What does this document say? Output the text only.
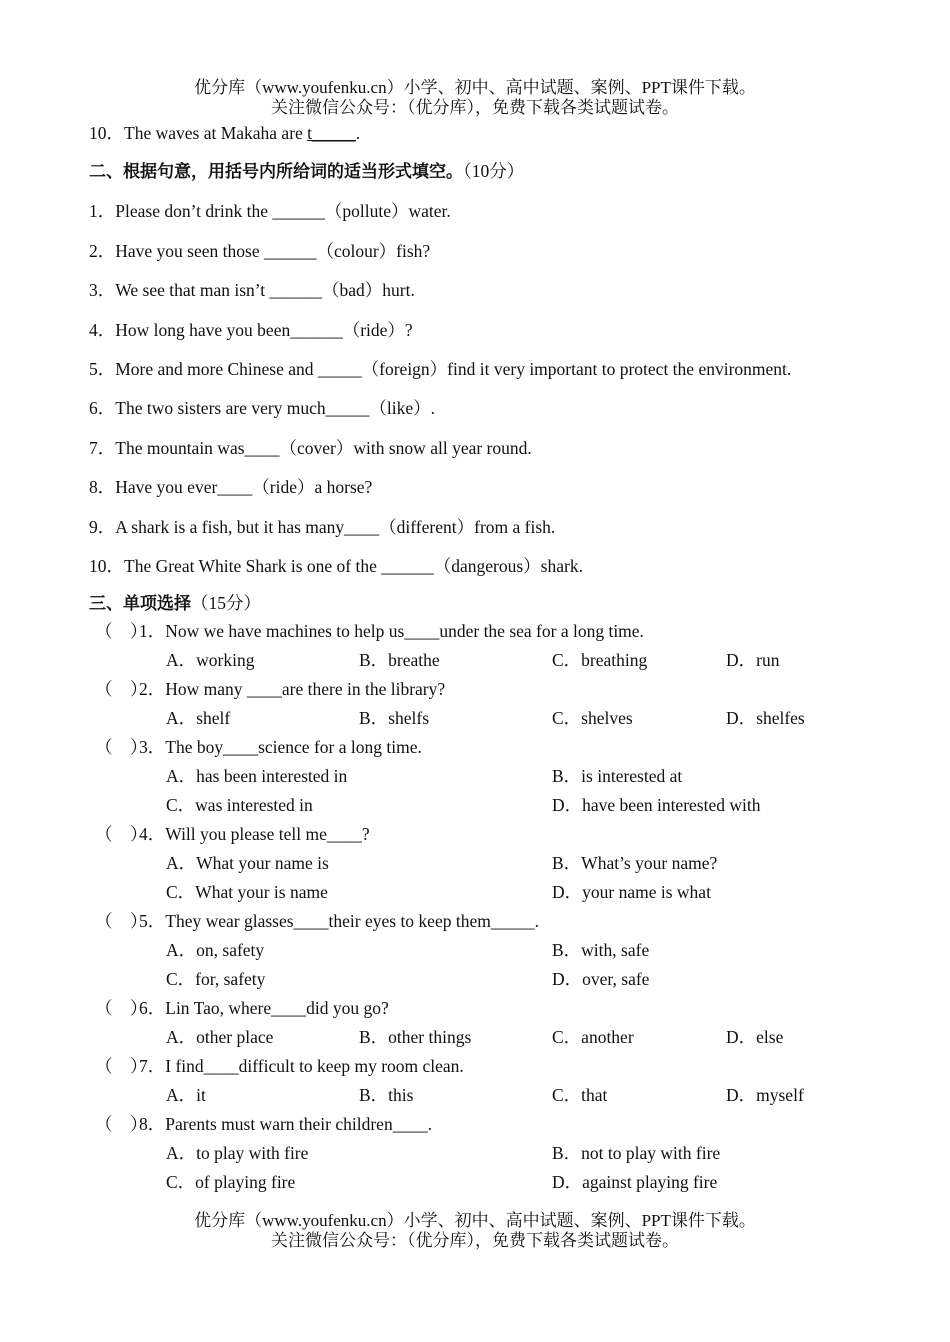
优分库（www.youfenku.cn）小学、初中、高中试题、案例、PPT课件下载。
关注微信公众号：（优分库），免费下载各类试题试卷。
10．The waves at Makaha are t_____.
二、根据句意，用括号内所给词的适当形式填空。（10分）
1．Please don’t drink the ______（pollute）water.
2．Have you seen those ______（colour）fish?
3．We see that man isn’t ______（bad）hurt.
4．How long have you been______（ride）?
5．More and more Chinese and _____（foreign）find it very important to protect the environment.
6．The two sisters are very much_____（like）.
7．The mountain was____（cover）with snow all year round.
8．Have you ever____（ride）a horse?
9．A shark is a fish, but it has many____（different）from a fish.
10．The Great White Shark is one of the ______（dangerous）shark.
三、单项选择（15分）
（　）1．Now we have machines to help us____under the sea for a long time.
A．working	B．breathe	C．breathing	D．run
（　）2．How many ____are there in the library?
A．shelf	B．shelfs	C．shelves	D．shelfes
（　）3．The boy____science for a long time.
A．has been interested in	B．is interested at
C．was interested in	D．have been interested with
（　）4．Will you please tell me____?
A．What your name is	B．What’s your name?
C．What your is name	D．your name is what
（　）5．They wear glasses____their eyes to keep them_____.
A．on, safety	B．with, safe
C．for, safety	D．over, safe
（　）6．Lin Tao, where____did you go?
A．other place	B．other things	C．another	D．else
（　）7．I find____difficult to keep my room clean.
A．it	B．this	C．that	D．myself
（　）8．Parents must warn their children____.
A．to play with fire	B．not to play with fire
C．of playing fire	D．against playing fire
优分库（www.youfenku.cn）小学、初中、高中试题、案例、PPT课件下载。
关注微信公众号：（优分库），免费下载各类试题试卷。
